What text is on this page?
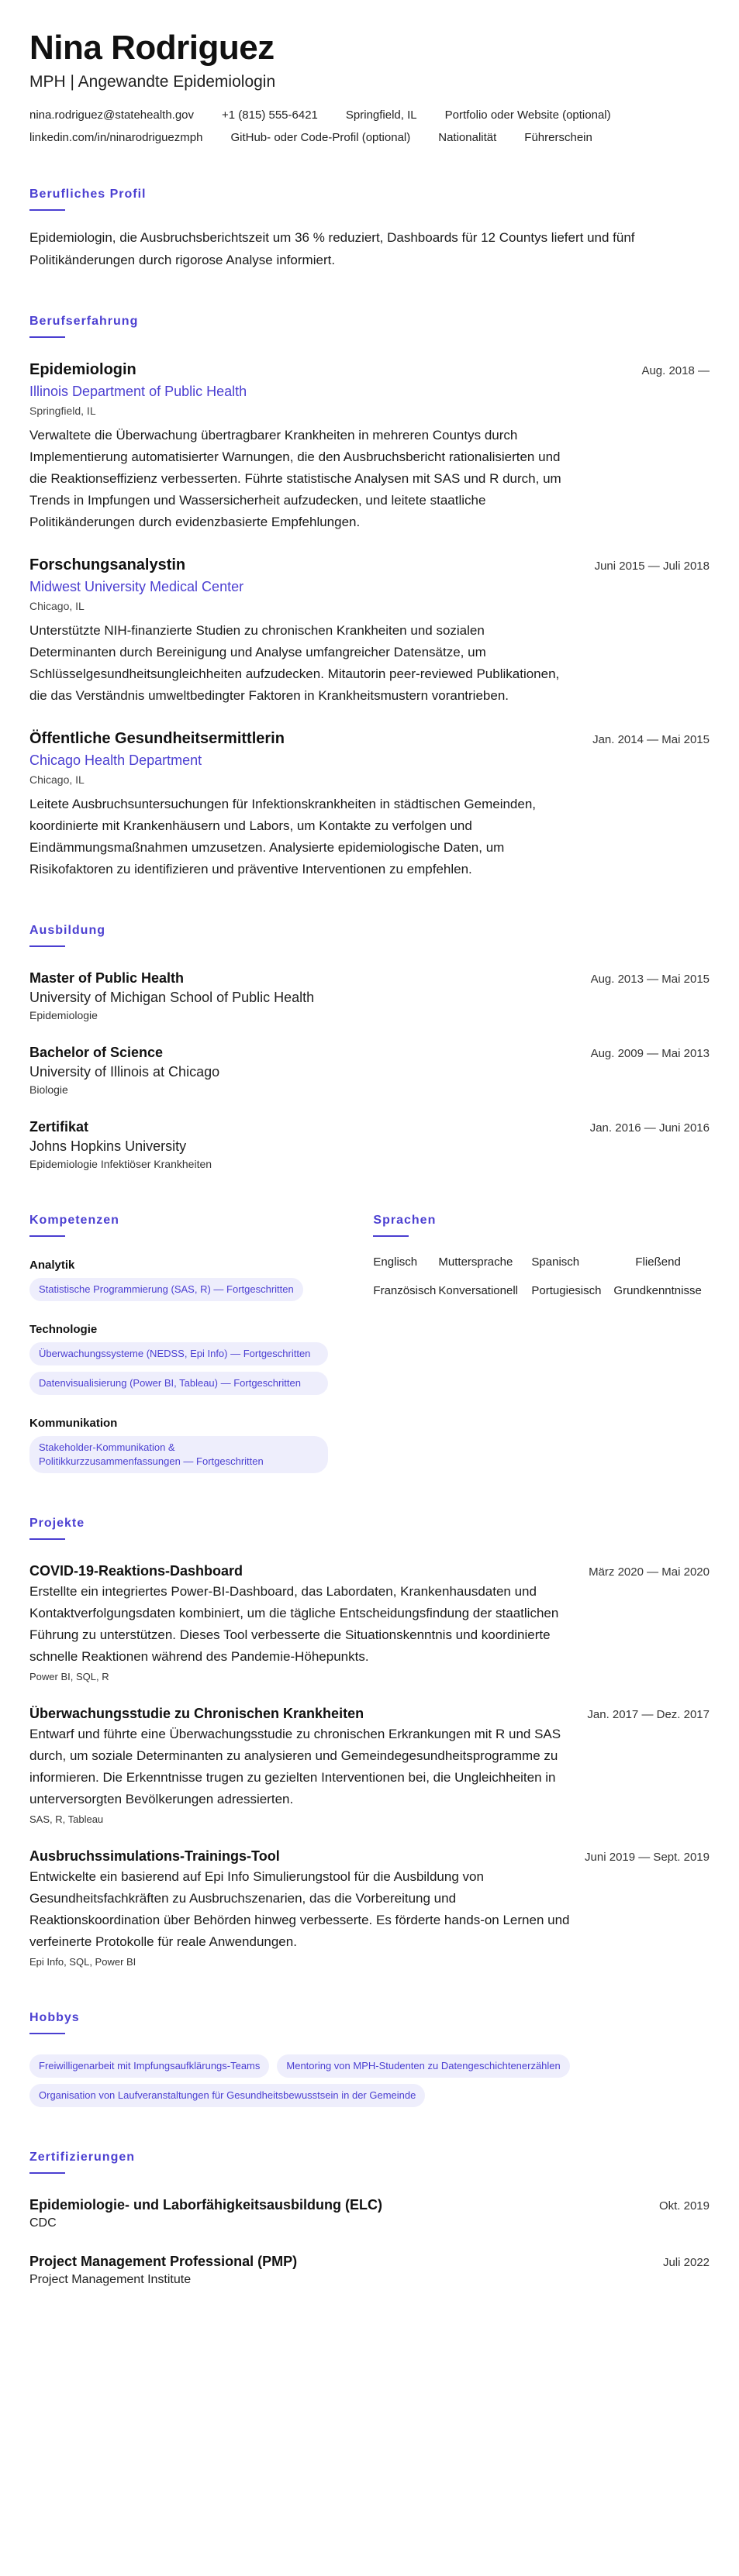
Nina Rodriguez
MPH | Angewandte Epidemiologin
nina.rodriguez@statehealth.gov +1 (815) 555-6421 Springfield, IL Portfolio oder Website (optional)
linkedin.com/in/ninarodriguezmph GitHub- oder Code-Profil (optional) Nationalität Führerschein
Berufliches Profil
Epidemiologin, die Ausbruchsberichtszeit um 36 % reduziert, Dashboards für 12 Countys liefert und fünf Politikänderungen durch rigorose Analyse informiert.
Berufserfahrung
Epidemiologin	Aug. 2018 —
Illinois Department of Public Health
Springfield, IL
Verwaltete die Überwachung übertragbarer Krankheiten in mehreren Countys durch Implementierung automatisierter Warnungen, die den Ausbruchsbericht rationalisierten und die Reaktionseffizienz verbesserten. Führte statistische Analysen mit SAS und R durch, um Trends in Impfungen und Wassersicherheit aufzudecken, und leitete staatliche Politikänderungen durch evidenzbasierte Empfehlungen.
Forschungsanalystin	Juni 2015 — Juli 2018
Midwest University Medical Center
Chicago, IL
Unterstützte NIH-finanzierte Studien zu chronischen Krankheiten und sozialen Determinanten durch Bereinigung und Analyse umfangreicher Datensätze, um Schlüsselgesundheitsungleichheiten aufzudecken. Mitautorin peer-reviewed Publikationen, die das Verständnis umweltbedingter Faktoren in Krankheitsmustern vorantrieben.
Öffentliche Gesundheitsermittlerin	Jan. 2014 — Mai 2015
Chicago Health Department
Chicago, IL
Leitete Ausbruchsuntersuchungen für Infektionskrankheiten in städtischen Gemeinden, koordinierte mit Krankenhäusern und Labors, um Kontakte zu verfolgen und Eindämmungsmaßnahmen umzusetzen. Analysierte epidemiologische Daten, um Risikofaktoren zu identifizieren und präventive Interventionen zu empfehlen.
Ausbildung
Master of Public Health	Aug. 2013 — Mai 2015
University of Michigan School of Public Health
Epidemiologie
Bachelor of Science	Aug. 2009 — Mai 2013
University of Illinois at Chicago
Biologie
Zertifikat	Jan. 2016 — Juni 2016
Johns Hopkins University
Epidemiologie Infektiöser Krankheiten
Kompetenzen
Analytik
Statistische Programmierung (SAS, R) — Fortgeschritten
Technologie
Überwachungssysteme (NEDSS, Epi Info) — Fortgeschritten
Datenvisualisierung (Power BI, Tableau) — Fortgeschritten
Kommunikation
Stakeholder-Kommunikation & Politikkurzzusammenfassungen — Fortgeschritten
Sprachen
Englisch	Muttersprache	Spanisch	Fließend
Französisch Konversationell	Portugiesisch	Grundkenntnisse
Projekte
COVID-19-Reaktions-Dashboard	März 2020 — Mai 2020
Erstellte ein integriertes Power-BI-Dashboard, das Labordaten, Krankenhausdaten und Kontaktverfolgungsdaten kombiniert, um die tägliche Entscheidungsfindung der staatlichen Führung zu unterstützen. Dieses Tool verbesserte die Situationskenntnis und koordinierte schnelle Reaktionen während des Pandemie-Höhepunkts.
Power BI, SQL, R
Überwachungsstudie zu Chronischen Krankheiten	Jan. 2017 — Dez. 2017
Entwarf und führte eine Überwachungsstudie zu chronischen Erkrankungen mit R und SAS durch, um soziale Determinanten zu analysieren und Gemeindegesundheitsprogramme zu informieren. Die Erkenntnisse trugen zu gezielten Interventionen bei, die Ungleichheiten in unterversorgten Bevölkerungen adressierten.
SAS, R, Tableau
Ausbruchssimulations-Trainings-Tool	Juni 2019 — Sept. 2019
Entwickelte ein basierend auf Epi Info Simulierungstool für die Ausbildung von Gesundheitsfachkräften zu Ausbruchszenarien, das die Vorbereitung und Reaktionskoordination über Behörden hinweg verbesserte. Es förderte hands-on Lernen und verfeinerte Protokolle für reale Anwendungen.
Epi Info, SQL, Power BI
Hobbys
Freiwilligenarbeit mit Impfungsaufklärungs-Teams	Mentoring von MPH-Studenten zu Datengeschichtenerzählen
Organisation von Laufveranstaltungen für Gesundheitsbewusstsein in der Gemeinde
Zertifizierungen
Epidemiologie- und Laborfähigkeitsausbildung (ELC)	Okt. 2019
CDC
Project Management Professional (PMP)	Juli 2022
Project Management Institute
